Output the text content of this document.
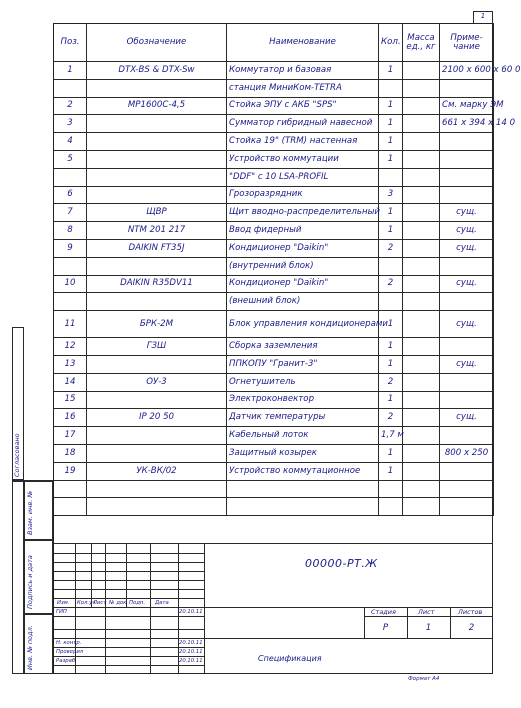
1
Поз.	Обозначение	Наименование	Кол.	Масса ед., кг	Приме-чание
1	DTX-BS & DTX-Sw	Коммутатор и базовая	1		2100 x 600 x 60 0
		станция МиниКом-TETRA			
2	MP1600C-4,5	Стойка ЭПУ с АКБ "SPS"	1		См. марку ЭМ
3		Сумматор гибридный навесной	1		661 x 394 x 14 0
4		Стойка 19" (TRM) настенная	1		
5		Устройство коммутации	1		
		"DDF" с 10 LSA-PROFIL			
6		Грозоразрядник	3		
7	ЩВР	Щит вводно-распределительный	1		сущ.
8	NTM 201 217	Ввод фидерный	1		сущ.
9	DAIKIN FT35J	Кондиционер "Daikin"	2		сущ.
		(внутренний блок)			
10	DAIKIN R35DV11	Кондиционер "Daikin"	2		сущ.
		(внешний блок)			
11	БРК-2М	Блок управления кондиционерами	1		сущ.
12	ГЗШ	Сборка заземления	1		
13		ППКОПУ "Гранит-3"	1		сущ.
14	ОУ-3	Огнетушитель	2		
15		Электроконвектор	1		
16	IP 20 50	Датчик температуры	2		сущ.
17		Кабельный лоток	1,7 м		
18		Защитный козырек	1		800 x 250
19	УК-ВК/02	Устройство коммутационное	1		

Согласовано
Взам. инв. №
Подпись и дата
Инв. № подл.
00000-РТ.Ж
Изм. Кол.уч
Лист № док. Подп. Дата
ГИП	20.10.11
Н. контр.	20.10.11
Проверил	20.10.11
Разраб.	20.10.11
Стадия	Лист	Листов
Р	1	2
Спецификация
Формат А4
